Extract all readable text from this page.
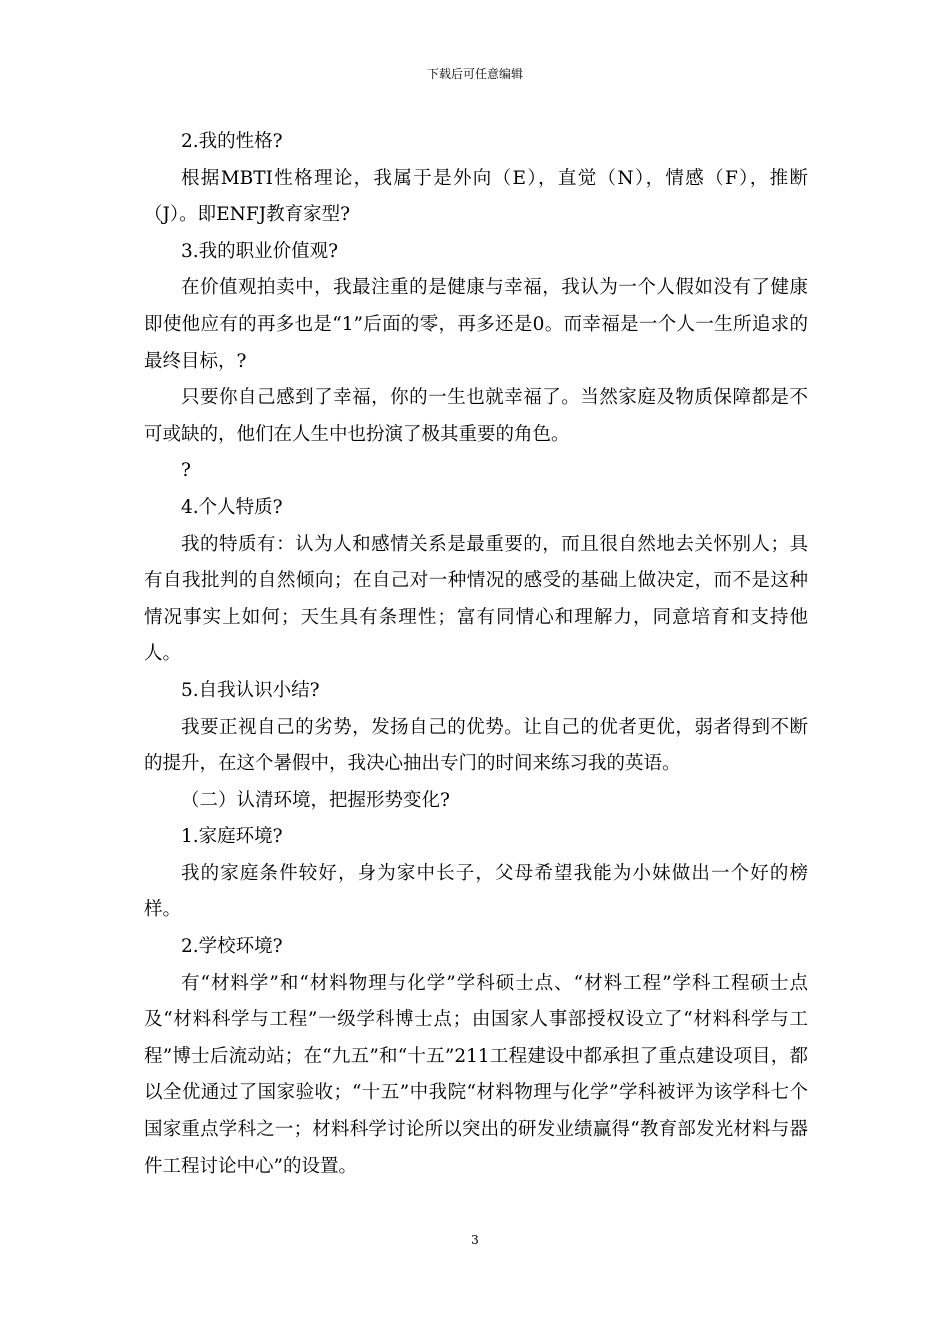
下载后可任意编辑

2.我的性格?

根据MBTI性格理论，我属于是外向（E），直觉（N），情感（F），推断（J）。即ENFJ教育家型?

3.我的职业价值观?

在价值观拍卖中，我最注重的是健康与幸福，我认为一个人假如没有了健康即使他应有的再多也是“1”后面的零，再多还是0。而幸福是一个人一生所追求的最终目标，?

只要你自己感到了幸福，你的一生也就幸福了。当然家庭及物质保障都是不可或缺的，他们在人生中也扮演了极其重要的角色。

?

4.个人特质?

我的特质有：认为人和感情关系是最重要的，而且很自然地去关怀别人；具有自我批判的自然倾向；在自己对一种情况的感受的基础上做决定，而不是这种情况事实上如何；天生具有条理性；富有同情心和理解力，同意培育和支持他人。

5.自我认识小结?

我要正视自己的劣势，发扬自己的优势。让自己的优者更优，弱者得到不断的提升，在这个暑假中，我决心抽出专门的时间来练习我的英语。

（二）认清环境，把握形势变化?

1.家庭环境?

我的家庭条件较好，身为家中长子，父母希望我能为小妹做出一个好的榜样。

2.学校环境?

有“材料学”和“材料物理与化学”学科硕士点、“材料工程”学科工程硕士点及“材料科学与工程”一级学科博士点；由国家人事部授权设立了“材料科学与工程”博士后流动站；在“九五”和“十五”211工程建设中都承担了重点建设项目，都以全优通过了国家验收；“十五”中我院“材料物理与化学”学科被评为该学科七个国家重点学科之一；材料科学讨论所以突出的研发业绩赢得“教育部发光材料与器件工程讨论中心”的设置。

3
